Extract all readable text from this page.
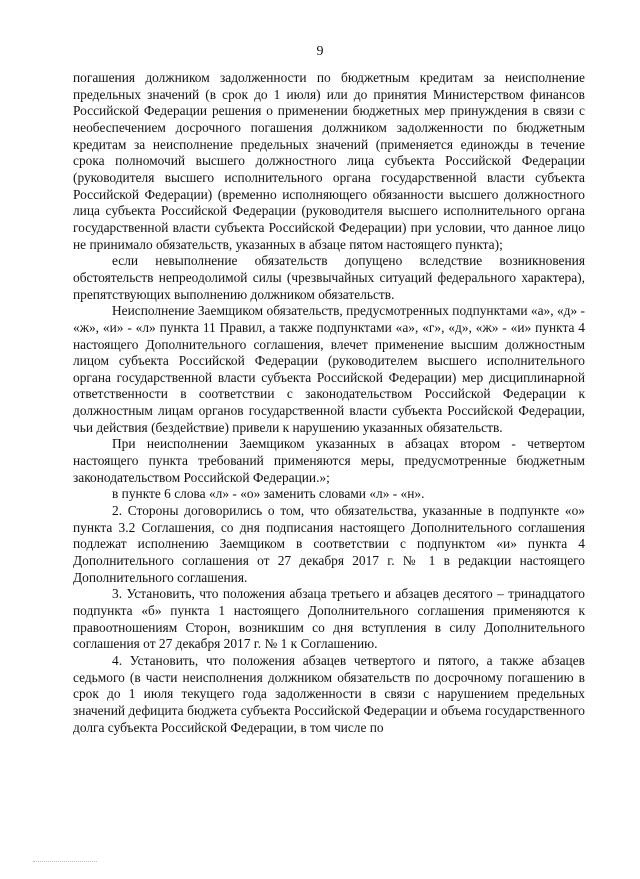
9

погашения должником задолженности по бюджетным кредитам за неисполнение предельных значений (в срок до 1 июля) или до принятия Министерством финансов Российской Федерации решения о применении бюджетных мер принуждения в связи с необеспечением досрочного погашения должником задолженности по бюджетным кредитам за неисполнение предельных значений (применяется единожды в течение срока полномочий высшего должностного лица субъекта Российской Федерации (руководителя высшего исполнительного органа государственной власти субъекта Российской Федерации) (временно исполняющего обязанности высшего должностного лица субъекта Российской Федерации (руководителя высшего исполнительного органа государственной власти субъекта Российской Федерации) при условии, что данное лицо не принимало обязательств, указанных в абзаце пятом настоящего пункта);

если невыполнение обязательств допущено вследствие возникновения обстоятельств непреодолимой силы (чрезвычайных ситуаций федерального характера), препятствующих выполнению должником обязательств.

Неисполнение Заемщиком обязательств, предусмотренных подпунктами «а», «д» - «ж», «и» - «л» пункта 11 Правил, а также подпунктами «а», «г», «д», «ж» - «и» пункта 4 настоящего Дополнительного соглашения, влечет применение высшим должностным лицом субъекта Российской Федерации (руководителем высшего исполнительного органа государственной власти субъекта Российской Федерации) мер дисциплинарной ответственности в соответствии с законодательством Российской Федерации к должностным лицам органов государственной власти субъекта Российской Федерации, чьи действия (бездействие) привели к нарушению указанных обязательств.

При неисполнении Заемщиком указанных в абзацах втором - четвертом настоящего пункта требований применяются меры, предусмотренные бюджетным законодательством Российской Федерации.»;

в пункте 6 слова «л» - «о» заменить словами «л» - «н».

2. Стороны договорились о том, что обязательства, указанные в подпункте «о» пункта 3.2 Соглашения, со дня подписания настоящего Дополнительного соглашения подлежат исполнению Заемщиком в соответствии с подпунктом «и» пункта 4 Дополнительного соглашения от 27 декабря 2017 г. № 1 в редакции настоящего Дополнительного соглашения.

3. Установить, что положения абзаца третьего и абзацев десятого – тринадцатого подпункта «б» пункта 1 настоящего Дополнительного соглашения применяются к правоотношениям Сторон, возникшим со дня вступления в силу Дополнительного соглашения от 27 декабря 2017 г. № 1 к Соглашению.

4. Установить, что положения абзацев четвертого и пятого, а также абзацев седьмого (в части неисполнения должником обязательств по досрочному погашению в срок до 1 июля текущего года задолженности в связи с нарушением предельных значений дефицита бюджета субъекта Российской Федерации и объема государственного долга субъекта Российской Федерации, в том числе по
